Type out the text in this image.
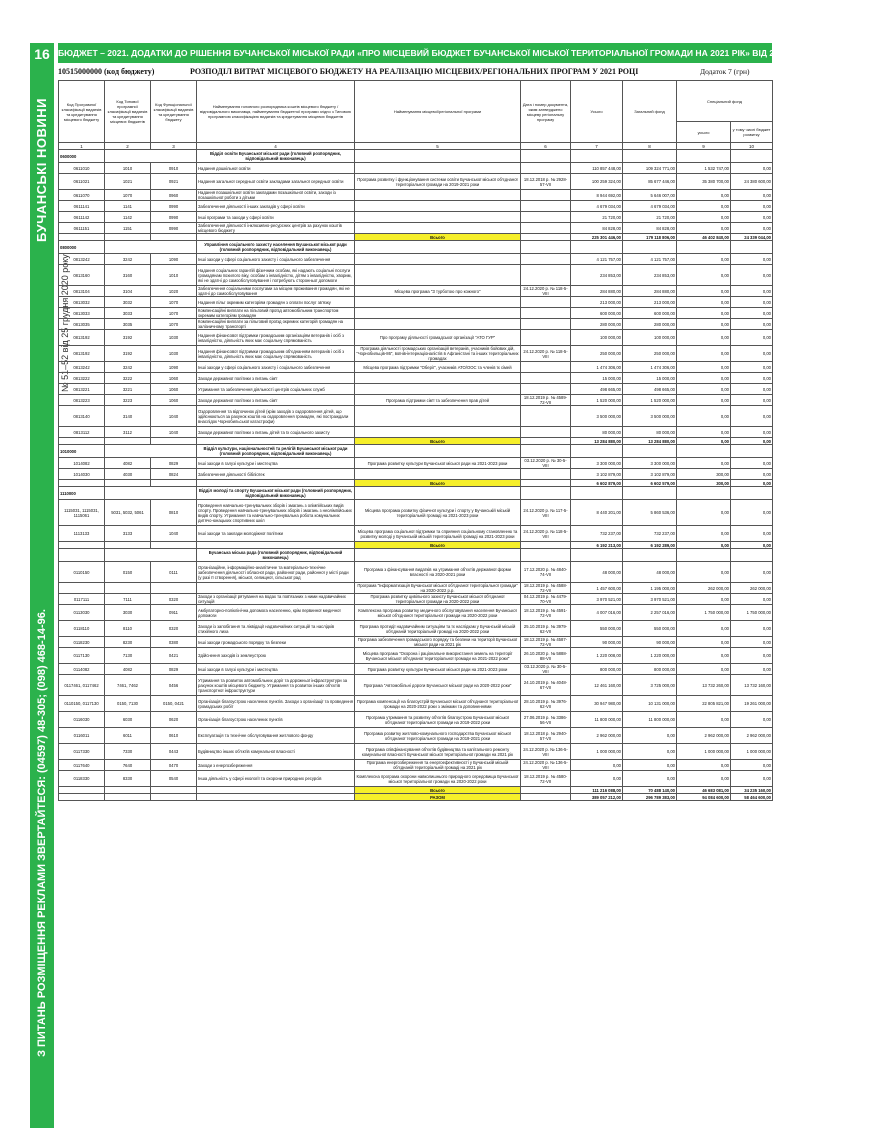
16
БУЧАНСЬКІ НОВИНИ
З ПИТАНЬ РОЗМІЩЕННЯ РЕКЛАМИ ЗВЕРТАЙТЕСЯ: (04597) 48-305; (098) 468-14-96.
№ 51–52 від 25 грудня 2020 року
БЮДЖЕТ – 2021. ДОДАТКИ ДО РІШЕННЯ БУЧАНСЬКОЇ МІСЬКОЇ РАДИ «ПРО МІСЦЕВИЙ БЮДЖЕТ БУЧАНСЬКОЇ МІСЬКОЇ ТЕРИТОРІАЛЬНОЇ ГРОМАДИ НА 2021 РІК» ВІД 24.12.2020 РОКУ № 124-5-VIII
10515000000 (код бюджету)	РОЗПОДІЛ ВИТРАТ МІСЦЕВОГО БЮДЖЕТУ НА РЕАЛІЗАЦІЮ МІСЦЕВИХ/РЕГІОНАЛЬНИХ ПРОГРАМ У 2021 РОЦІ	Додаток 7 (грн)
Код Програмної класифікації видатків та кредитування місцевого бюджету	Код Типової програмної класифікації видатків та кредитування місцевих бюджетів	Код Функціональної класифікації видатків та кредитування бюджету	Найменування головного розпорядника коштів місцевого бюджету / відповідального виконавця, найменування бюджетної програми згідно з Типовою програмною класифікацією видатків та кредитування місцевих бюджетів	Найменування місцевої/регіональної програми	Дата і номер документа, яким затверджено місцеву регіональну програму	Усього	Загальний фонд	Спеціальний фонд	
								усього	у тому числі бюджет розвитку
1	2	3	4	5	6	7	8	9	10
0600000			Відділ освіти Бучанської міської ради (головний розпорядник, відповідальний виконавець)						
0611010	1010	0910	Надання дошкільної освіти			110 857 448,00	109 324 771,00	1 532 747,00	0,00
0611021	1021	0921	Надання загальної середньої освіти закладами загальної середньої освіти	Програма розвитку і функціонування системи освіти Бучанської міської об'єднаної територіальної громади на 2019-2021 роки	18.12.2018 р. № 2928-57-VII	100 259 324,00	85 677 446,00	35 380 700,00	24 380 600,00
0611070	1070	0960	Надання позашкільної освіти закладами позашкільної освіти, заходи із позашкільної роботи з дітьми			8 944 692,00	5 646 007,00	0,00	0,00
0611141	1141	0990	Забезпечення діяльності інших закладів у сфері освіти			4 679 034,00	4 679 034,00	0,00	0,00
0611142	1142	0990	Інші програми та заходи у сфері освіти			21 720,00	21 720,00	0,00	0,00
0611151	1151	0990	Забезпечення діяльності інклюзивно-ресурсних центрів за рахунок коштів місцевого бюджету			84 828,00	84 828,00	0,00	0,00
				Всього		225 301 446,00	179 118 806,00	46 402 840,00	24 339 044,00
0800000			Управління соціального захисту населення Бучанської міської ради (головний розпорядник, відповідальний виконавець)						
0813242	3242	1090	Інші заходи у сфері соціального захисту і соціального забезпечення			4 121 757,00	4 121 757,00	0,00	0,00
0813160	3160	1010	Надання соціальних гарантій фізичним особам, які надають соціальні послуги громадянам похилого віку, особам з інвалідністю, дітям з інвалідністю, хворим, які не здатні до самообслуговування і потребують сторонньої допомоги			234 853,00	234 853,00	0,00	0,00
0813104	3104	1020	Забезпечення соціальними послугами за місцем проживання громадян, які не здатні до самообслуговування	Місцева програма "З турботою про кожного"	24.12.2020 р. № 118-5-VIII	284 880,00	284 880,00	0,00	0,00
0813032	3032	1070	Надання пільг окремим категоріям громадян з оплати послуг зв'язку			213 000,00	213 000,00	0,00	0,00
0813033	3033	1070	Компенсаційні виплати на пільговий проїзд автомобільним транспортом окремим категоріям громадян			600 000,00	600 000,00	0,00	0,00
0813035	3035	1070	Компенсаційні виплати за пільговий проїзд окремих категорій громадян на залізничному транспорті			280 000,00	280 000,00	0,00	0,00
0813192	3192	1030	Надання фінансової підтримки громадським організаціям ветеранів і осіб з інвалідністю, діяльність яких має соціальну спрямованість	Про програму діяльності громадської організації "АТО ГУР"		100 000,00	100 000,00	0,00	0,00
0813192	3192	1030	Надання фінансової підтримки громадським об'єднанням ветеранів і осіб з інвалідністю, діяльність яких має соціальну спрямованість	Програма діяльності громадських організацій ветеранів, учасників бойових дій, "Чорнобильців-86", воїнів-інтернаціоналістів в Афганістані та інших територіальних громадах	24.12.2020 р. № 118-5-VIII	250 000,00	250 000,00	0,00	0,00
0813242	3242	1090	Інші заходи у сфері соціального захисту і соціального забезпечення	Місцева програма підтримки "Оберіг", учасників АТО/ООС та членів їх сімей		1 474 306,00	1 474 306,00	0,00	0,00
0813222	3222	1060	Заходи державної політики з питань сім'ї			15 000,00	15 000,00	0,00	0,00
0813221	3221	1060	Утримання та забезпечення діяльності центрів соціальних служб			498 665,00	498 665,00	0,00	0,00
0813223	3223	1060	Заходи державної політики з питань сім'ї	Програма підтримки сім'ї та забезпечення прав дітей	18.12.2019 р. № 4589-72-VII	1 520 000,00	1 520 000,00	0,00	0,00
0813140	3140	1040	Оздоровлення та відпочинок дітей (крім заходів з оздоровлення дітей, що здійснюються за рахунок коштів на оздоровлення громадян, які постраждали внаслідок Чорнобильської катастрофи)			3 500 000,00	3 500 000,00	0,00	0,00
0813112	3112	1040	Заходи державної політики з питань дітей та їх соціального захисту			80 000,00	80 000,00	0,00	0,00
				Всього		13 284 880,00	13 284 880,00	0,00	0,00
1010000			Відділ культури, національностей та релігій Бучанської міської ради (головний розпорядник, відповідальний виконавець)						
1014082	4082	0829	Інші заходи в галузі культури і мистецтва	Програма розвитку культури Бучанської міської ради на 2021-2023 роки	03.12.2020 р. № 30-5-VIII	3 300 000,00	3 300 000,00	0,00	0,00
1014030	4030	0824	Забезпечення діяльності бібліотек			3 102 879,00	3 102 879,00	300,00	0,00
				Всього		6 602 879,00	6 602 579,00	300,00	0,00
1110000			Відділ молоді та спорту Бучанської міської ради (головний розпорядник, відповідальний виконавець)						
1115031, 1115031, 1115061	5031, 5032, 5061	0810	Проведення навчально-тренувальних зборів і змагань з олімпійських видів спорту. Проведення навчально-тренувальних зборів і змагань з неолімпійських видів спорту. Утримання та навчально-тренувальна робота комунальних дитячо-юнацьких спортивних шкіл	Місцева програма розвитку фізичної культури і спорту у Бучанській міській територіальній громаді на 2021-2023 роки	24.12.2020 р. № 117-5-VIII	8 440 201,00	5 860 536,00	0,00	0,00
1113133	3133	1040	Інші заходи та заклади молодіжної політики	Місцева програма соціальної підтримки та сприяння соціальному становленню та розвитку молоді у Бучанській міській територіальній громаді на 2021-2023 роки	24.12.2020 р. № 118-5-VIII	732 237,00	732 237,00	0,00	0,00
				Всього		6 192 213,00	6 192 289,00	0,00	0,00
			Бучанська міська рада (головний розпорядник, відповідальний виконавець)						
0110150	0150	0111	Організаційне, інформаційно-аналітичне та матеріально-технічне забезпечення діяльності обласної ради, районної ради, районної у місті ради (у разі її створення), міської, селищної, сільської рад	Програма з фінансування видатків на утримання об'єктів державної форми власності на 2020-2021 роки	17.12.2020 р. № 4840-74-VII	48 000,00	48 000,00	0,00	0,00
				Програма "Інформатизація Бучанської міської об'єднаної територіальної громади" на 2020-2022 р.р.	18.12.2019 р. № 4588-72-VII	1 457 600,00	1 195 000,00	262 000,00	262 000,00
0117111	7111	0320	Заходи з організації рятування на водах та пов'язаних з ними надзвичайних ситуацій	Програма розвитку цивільного захисту Бучанської міської об'єднаної територіальної громади на 2020-2022 роки	04.12.2019 р. № 4479-70-VII	3 970 521,00	3 970 521,00	0,00	0,00
0113030	3030	0911	Амбулаторно-поліклінічна допомога населенню, крім первинної медичної допомоги	Комплексна програма розвитку медичного обслуговування населення Бучанської міської об'єднаної територіальної громади на 2020-2022 роки	18.12.2019 р. № 4591-72-VII	4 007 016,00	2 257 016,00	1 750 000,00	1 750 000,00
0118110	8110	0320	Заходи із запобігання та ліквідації надзвичайних ситуацій та наслідків стихійного лиха	Програма протидії надзвичайним ситуаціям та їх наслідкам у Бучанській міській об'єднаній територіальній громаді на 2020-2022 роки	25.10.2019 р. № 3979-62-VII	550 000,00	550 000,00	0,00	0,00
0118230	8230	0380	Інші заходи громадського порядку та безпеки	Програма забезпечення громадського порядку та безпеки на території Бучанської міської ради на 2021 рік	18.12.2019 р. № 4587-72-VII	90 000,00	90 000,00	0,00	0,00
0117130	7130	0421	Здійснення заходів із землеустрою	Місцева програма "Охорона і раціональне використання земель на території Бучанської міської об'єднаної територіальної громади на 2021-2022 роки"	26.10.2020 р. № 5888-88-VII	1 220 008,00	1 220 000,00	0,00	0,00
0114082	4082	0829	Інші заходи в галузі культури і мистецтва	Програма розвитку культури Бучанської міської ради на 2021-2023 роки	03.12.2020 р. № 30-5-VIII	800 000,00	800 000,00	0,00	0,00
0117461, 0117462	7461, 7462	0456	Утримання та розвиток автомобільних доріг та дорожньої інфраструктури за рахунок коштів місцевого бюджету. Утримання та розвиток інших об'єктів транспортної інфраструктури	Програма "Автомобільні дороги Бучанської міської ради на 2020-2022 роки"	24.10.2019 р. № 4048-67-VII	12 461 160,00	3 725 000,00	13 732 260,00	13 732 160,00
0110150, 0117130	0150, 7130	0150, 0421	Організація благоустрою населених пунктів. Заходи з організації та проведення громадських робіт	Програма компенсації на благоустрій Бучанської міської об'єднаної територіальної громади на 2020-2022 роки з змінами та доповненнями	28.10.2019 р. № 3976-62-VII	30 947 980,00	10 131 000,00	22 805 821,00	19 261 000,00
0116030	6030	0620	Організація благоустрою населених пунктів	Програма утримання та розвитку об'єктів благоустрою Бучанської міської об'єднаної територіальної громади на 2019-2022 роки	27.06.2019 р. № 3386-56-VII	11 800 000,00	11 800 000,00	0,00	0,00
0116011	6011	0610	Експлуатація та технічне обслуговування житлового фонду	Програма розвитку житлово-комунального господарства Бучанської міської об'єднаної територіальної громади на 2019-2021 роки	18.12.2018 р. № 2940-57-VII	2 962 000,00	0,00	2 962 000,00	2 962 000,00
0117330	7330	0443	Будівництво інших об'єктів комунальної власності	Програма співфінансування об'єктів будівництва та капітального ремонту комунальної власності Бучанської міської територіальної громади на 2021 рік	24.12.2020 р. № 136-5-VIII	1 000 000,00	0,00	1 000 000,00	1 000 000,00
0117640	7640	0470	Заходи з енергозбереження	Програма енергозбереження та енергоефективності у Бучанській міській об'єднаній територіальній громаді на 2021 рік	24.12.2020 р. № 136-5-VIII	0,00	0,00	0,00	0,00
0118330	8330	0540	Інша діяльність у сфері екології та охорони природних ресурсів	Комплексна програма охорони навколишнього природного середовища Бучанської міської територіальної громади на 2020-2022 роки	18.12.2019 р. № 4580-72-VII	0,00	0,00	0,00	0,00
				Всього		111 216 088,00	70 488 140,00	46 683 081,00	34 235 160,00
				РАЗОМ		389 057 212,00	296 789 383,00	94 084 600,00	58 464 600,00
